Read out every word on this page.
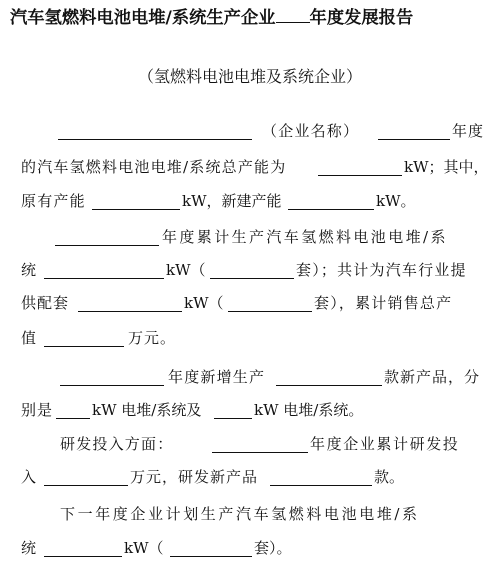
汽车氢燃料电池电堆/系统生产企业 年度发展报告
（氢燃料电池电堆及系统企业）
（企业名称）	年度
的汽车氢燃料电池电堆/系统总产能为	kW；其中，
原有产能	kW，新建产能	kW。
年度累计生产汽车氢燃料电池电堆/系
统	kW（	套）；共计为汽车行业提
供配套	kW（	套），累计销售总产
值	万元。
年度新增生产	款新产品，分
别是	kW 电堆/系统及	kW 电堆/系统。
研发投入方面：	年度企业累计研发投
入	万元，研发新产品	款。
下一年度企业计划生产汽车氢燃料电池电堆/系
统	kW（	套）。
